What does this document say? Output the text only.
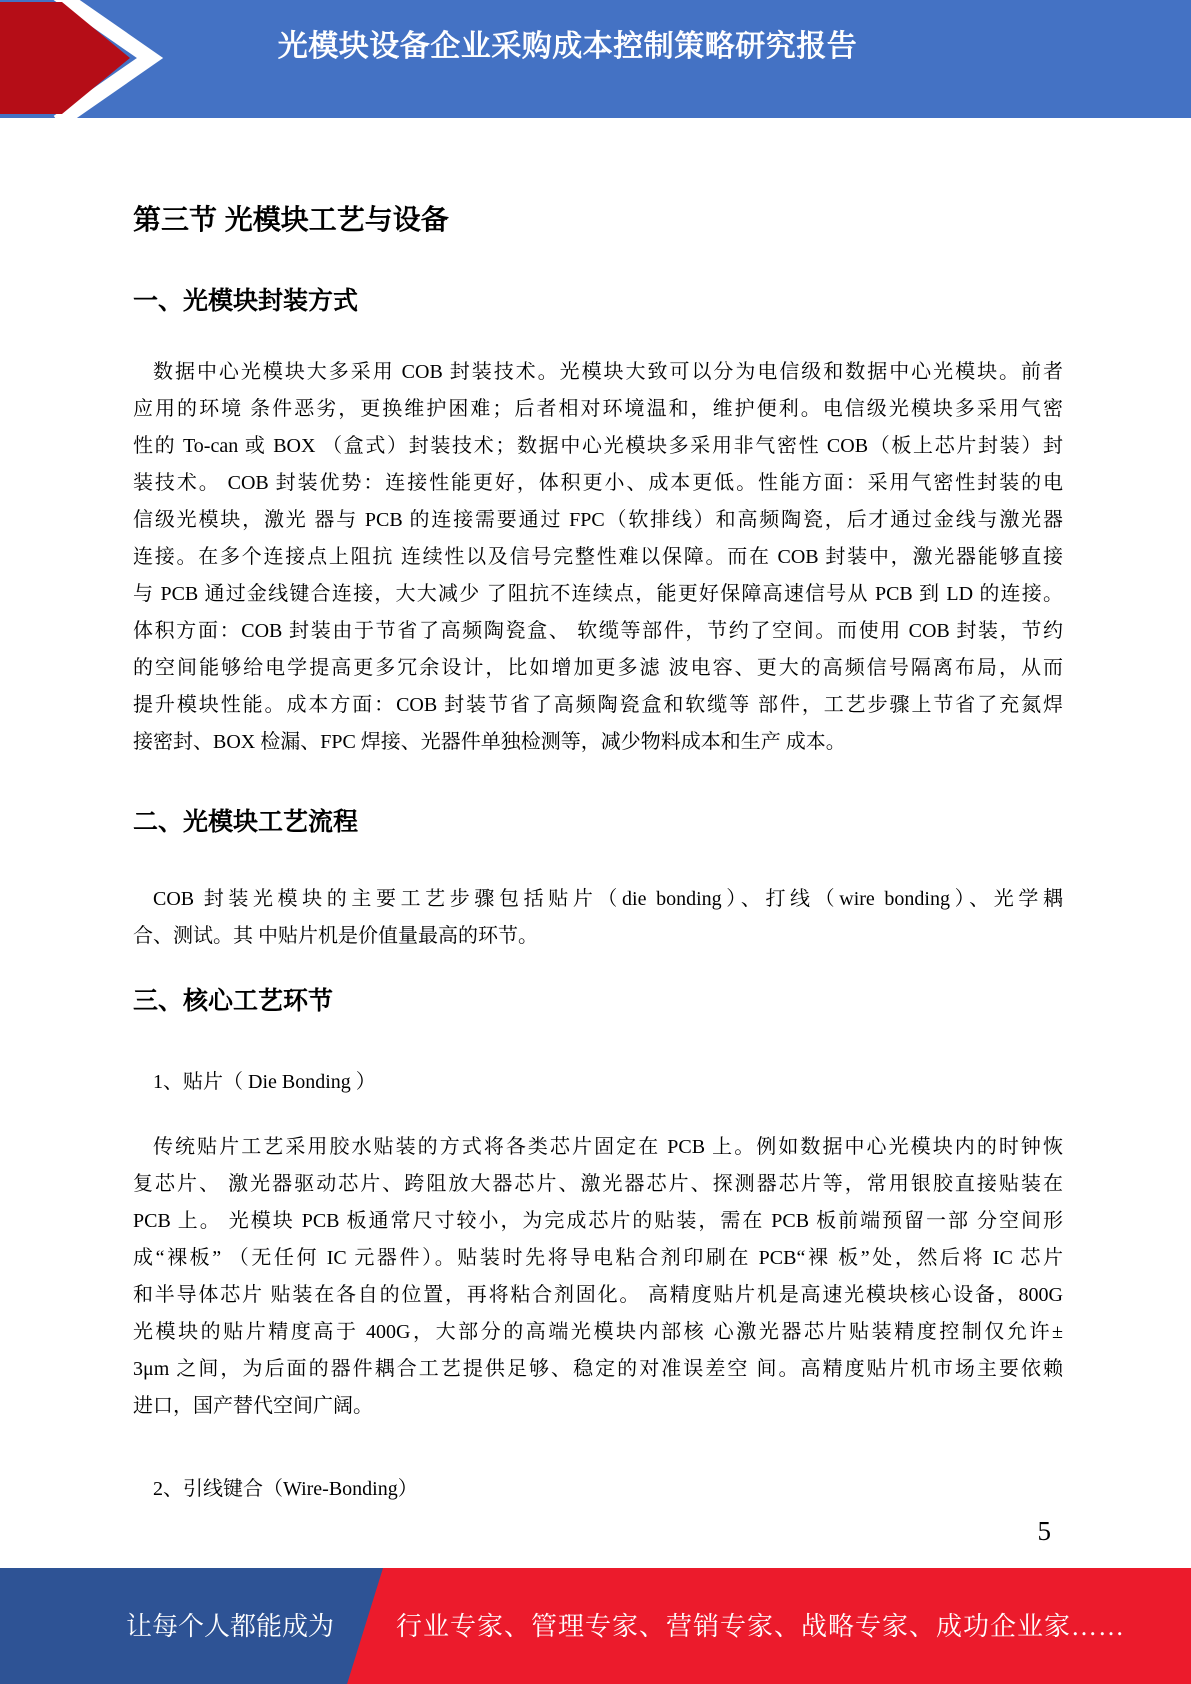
光模块设备企业采购成本控制策略研究报告
第三节 光模块工艺与设备
一、光模块封装方式
数据中心光模块大多采用 COB 封装技术。光模块大致可以分为电信级和数据中心光模块。前者
应用的环境 条件恶劣，更换维护困难；后者相对环境温和，维护便利。电信级光模块多采用气密
性的 To-can 或 BOX （盒式）封装技术；数据中心光模块多采用非气密性 COB（板上芯片封装）封
装技术。 COB 封装优势：连接性能更好，体积更小、成本更低。性能方面：采用气密性封装的电
信级光模块，激光 器与 PCB 的连接需要通过 FPC（软排线）和高频陶瓷，后才通过金线与激光器
连接。在多个连接点上阻抗 连续性以及信号完整性难以保障。而在 COB 封装中，激光器能够直接
与 PCB 通过金线键合连接，大大减少 了阻抗不连续点，能更好保障高速信号从 PCB 到 LD 的连接。
体积方面：COB 封装由于节省了高频陶瓷盒、 软缆等部件，节约了空间。而使用 COB 封装，节约
的空间能够给电学提高更多冗余设计，比如增加更多滤 波电容、更大的高频信号隔离布局，从而
提升模块性能。成本方面：COB 封装节省了高频陶瓷盒和软缆等 部件，工艺步骤上节省了充氮焊
接密封、BOX 检漏、FPC 焊接、光器件单独检测等，减少物料成本和生产 成本。
二、光模块工艺流程
COB 封装光模块的主要工艺步骤包括贴片（die bonding）、打线（wire bonding）、光学耦
合、测试。其 中贴片机是价值量最高的环节。
三、核心工艺环节
1、贴片（ Die Bonding ）
传统贴片工艺采用胶水贴装的方式将各类芯片固定在 PCB 上。例如数据中心光模块内的时钟恢
复芯片、 激光器驱动芯片、跨阻放大器芯片、激光器芯片、探测器芯片等，常用银胶直接贴装在
PCB 上。 光模块 PCB 板通常尺寸较小，为完成芯片的贴装，需在 PCB 板前端预留一部 分空间形
成“裸板” （无任何 IC 元器件）。贴装时先将导电粘合剂印刷在 PCB“裸 板”处，然后将 IC 芯片
和半导体芯片 贴装在各自的位置，再将粘合剂固化。 高精度贴片机是高速光模块核心设备，800G
光模块的贴片精度高于 400G，大部分的高端光模块内部核 心激光器芯片贴装精度控制仅允许±
3μm 之间，为后面的器件耦合工艺提供足够、稳定的对准误差空 间。高精度贴片机市场主要依赖
进口，国产替代空间广阔。
2、引线键合（Wire-Bonding）
5
让每个人都能成为 行业专家、管理专家、营销专家、战略专家、成功企业家……
